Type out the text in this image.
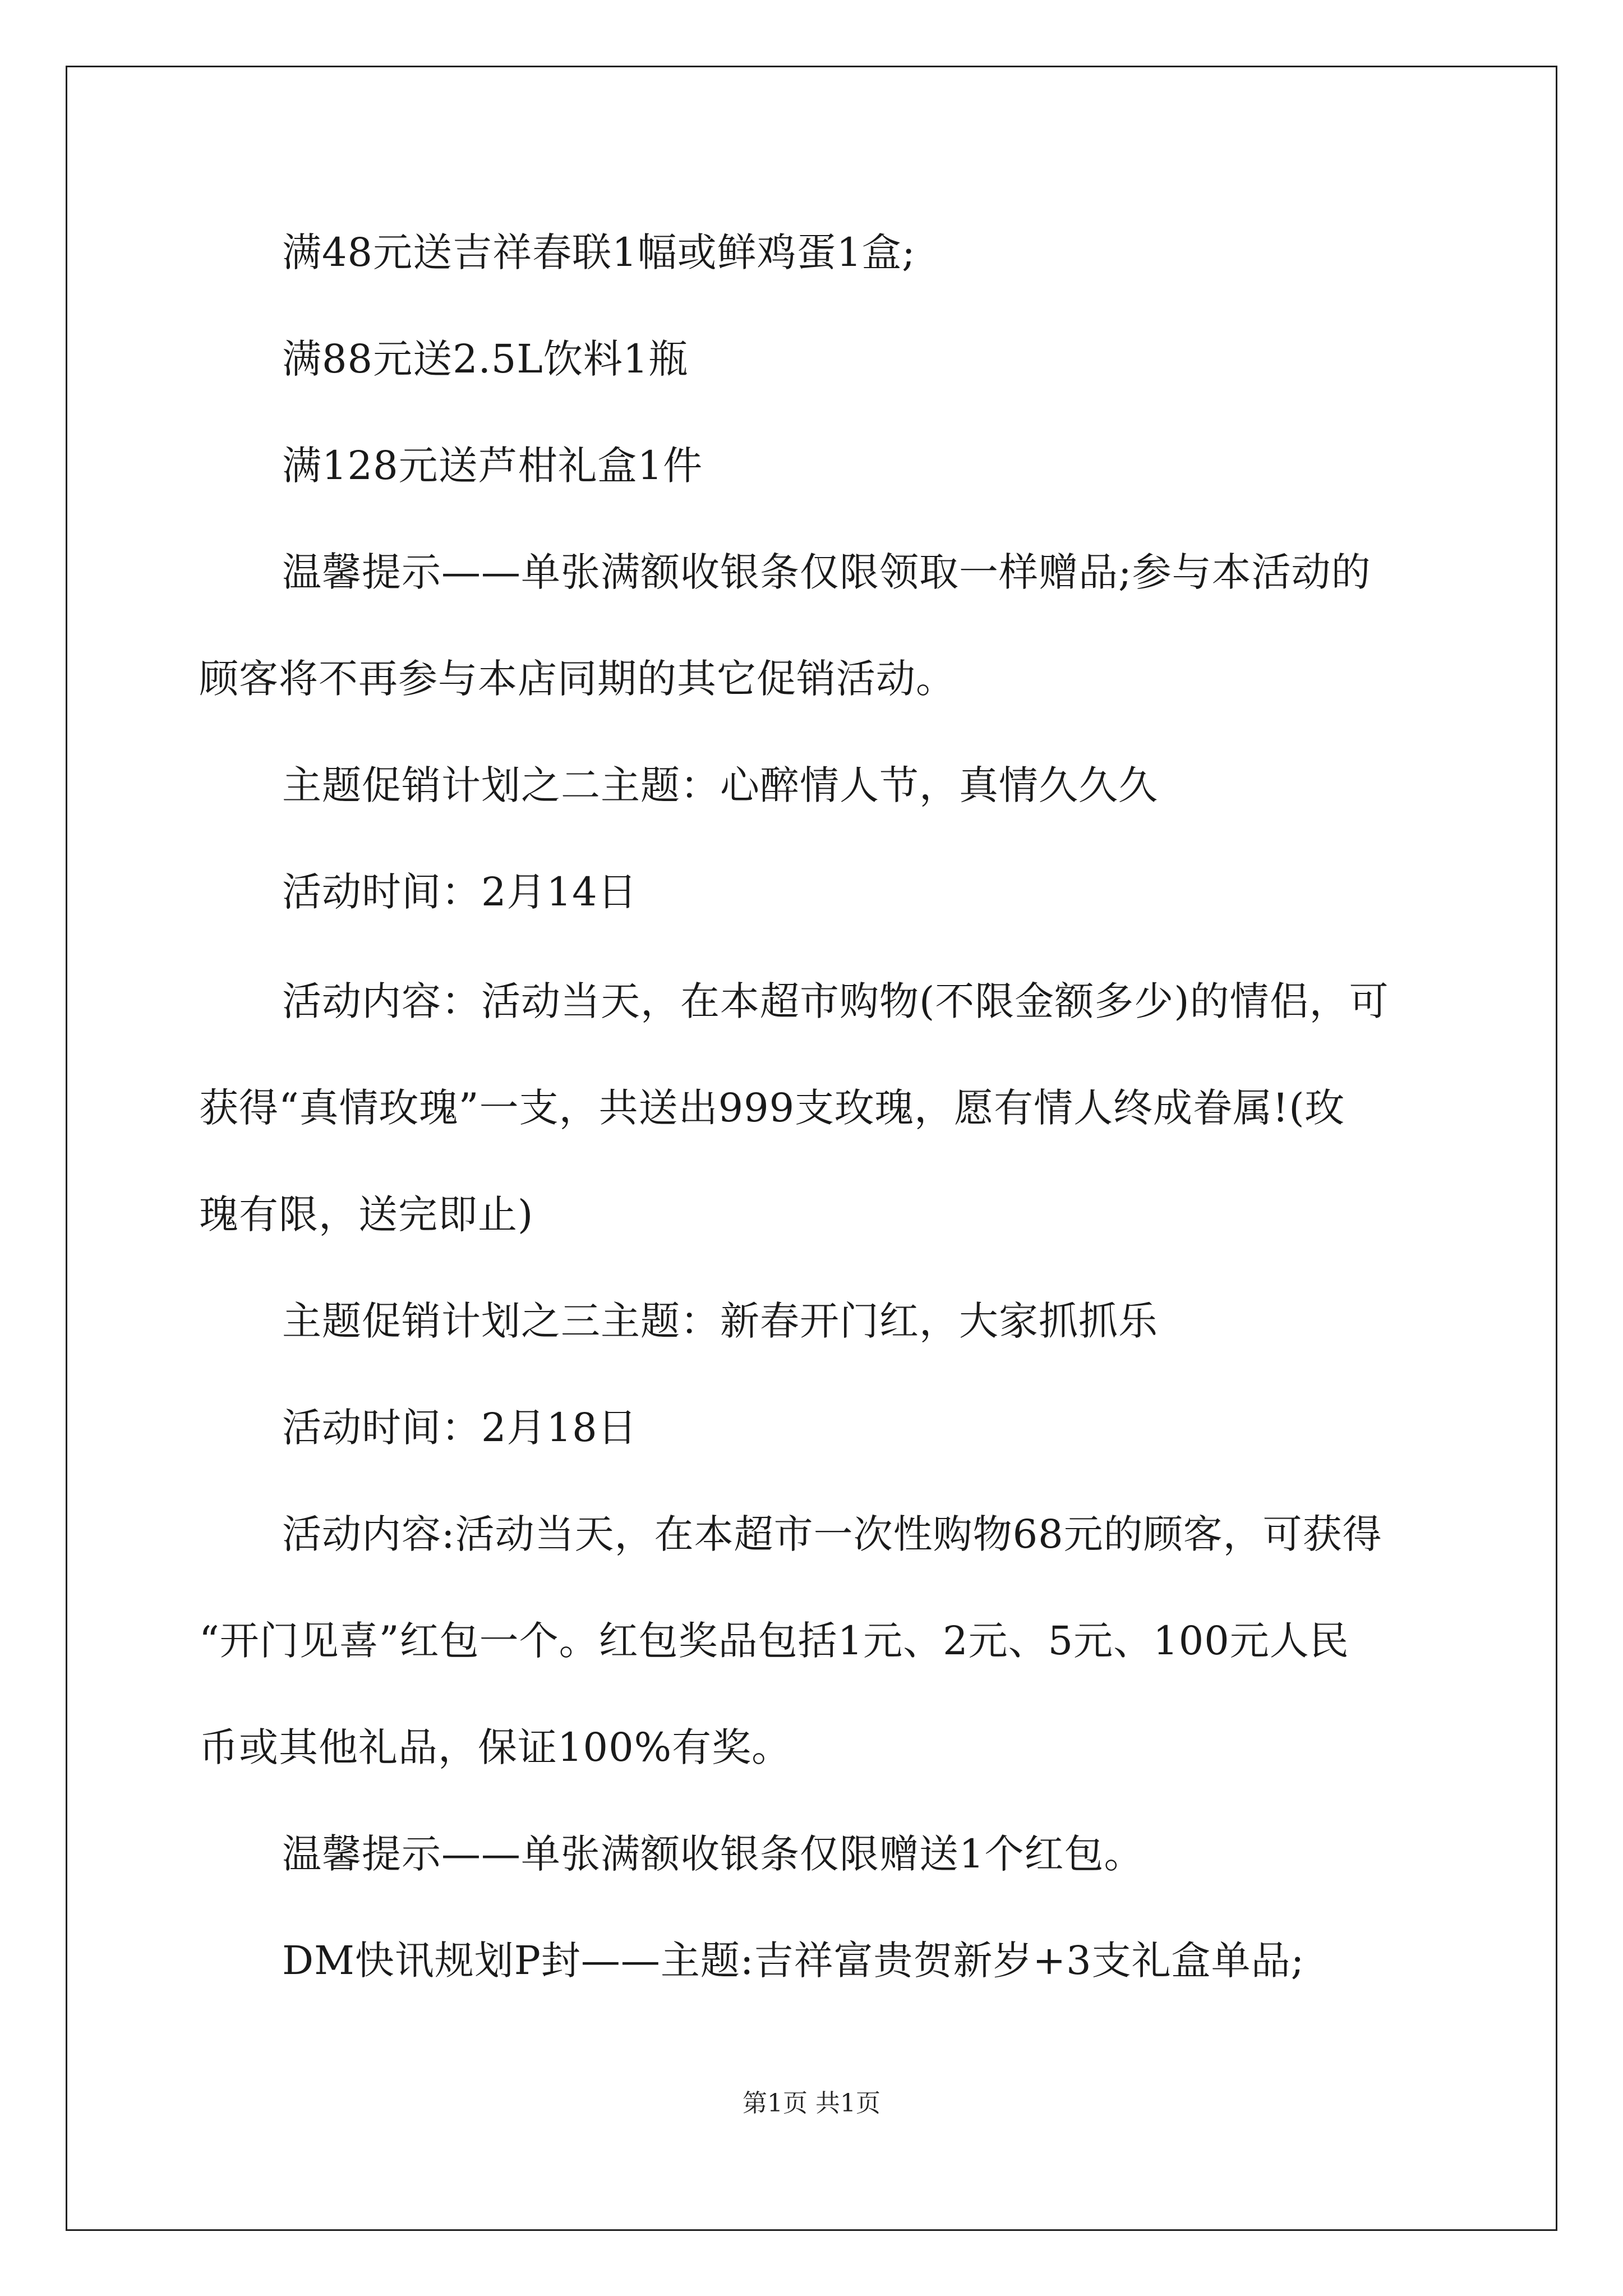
满48元送吉祥春联1幅或鲜鸡蛋1盒;
满88元送2.5L饮料1瓶
满128元送芦柑礼盒1件
温馨提示——单张满额收银条仅限领取一样赠品;参与本活动的
顾客将不再参与本店同期的其它促销活动。
主题促销计划之二主题：心醉情人节，真情久久久
活动时间：2月14日
活动内容：活动当天，在本超市购物(不限金额多少)的情侣，可
获得“真情玫瑰”一支，共送出999支玫瑰，愿有情人终成眷属!(玫
瑰有限，送完即止)
主题促销计划之三主题：新春开门红，大家抓抓乐
活动时间：2月18日
活动内容:活动当天，在本超市一次性购物68元的顾客，可获得
“开门见喜”红包一个。红包奖品包括1元、2元、5元、100元人民
币或其他礼品，保证100%有奖。
温馨提示——单张满额收银条仅限赠送1个红包。
DM快讯规划P封——主题:吉祥富贵贺新岁+3支礼盒单品;
第1页 共1页
